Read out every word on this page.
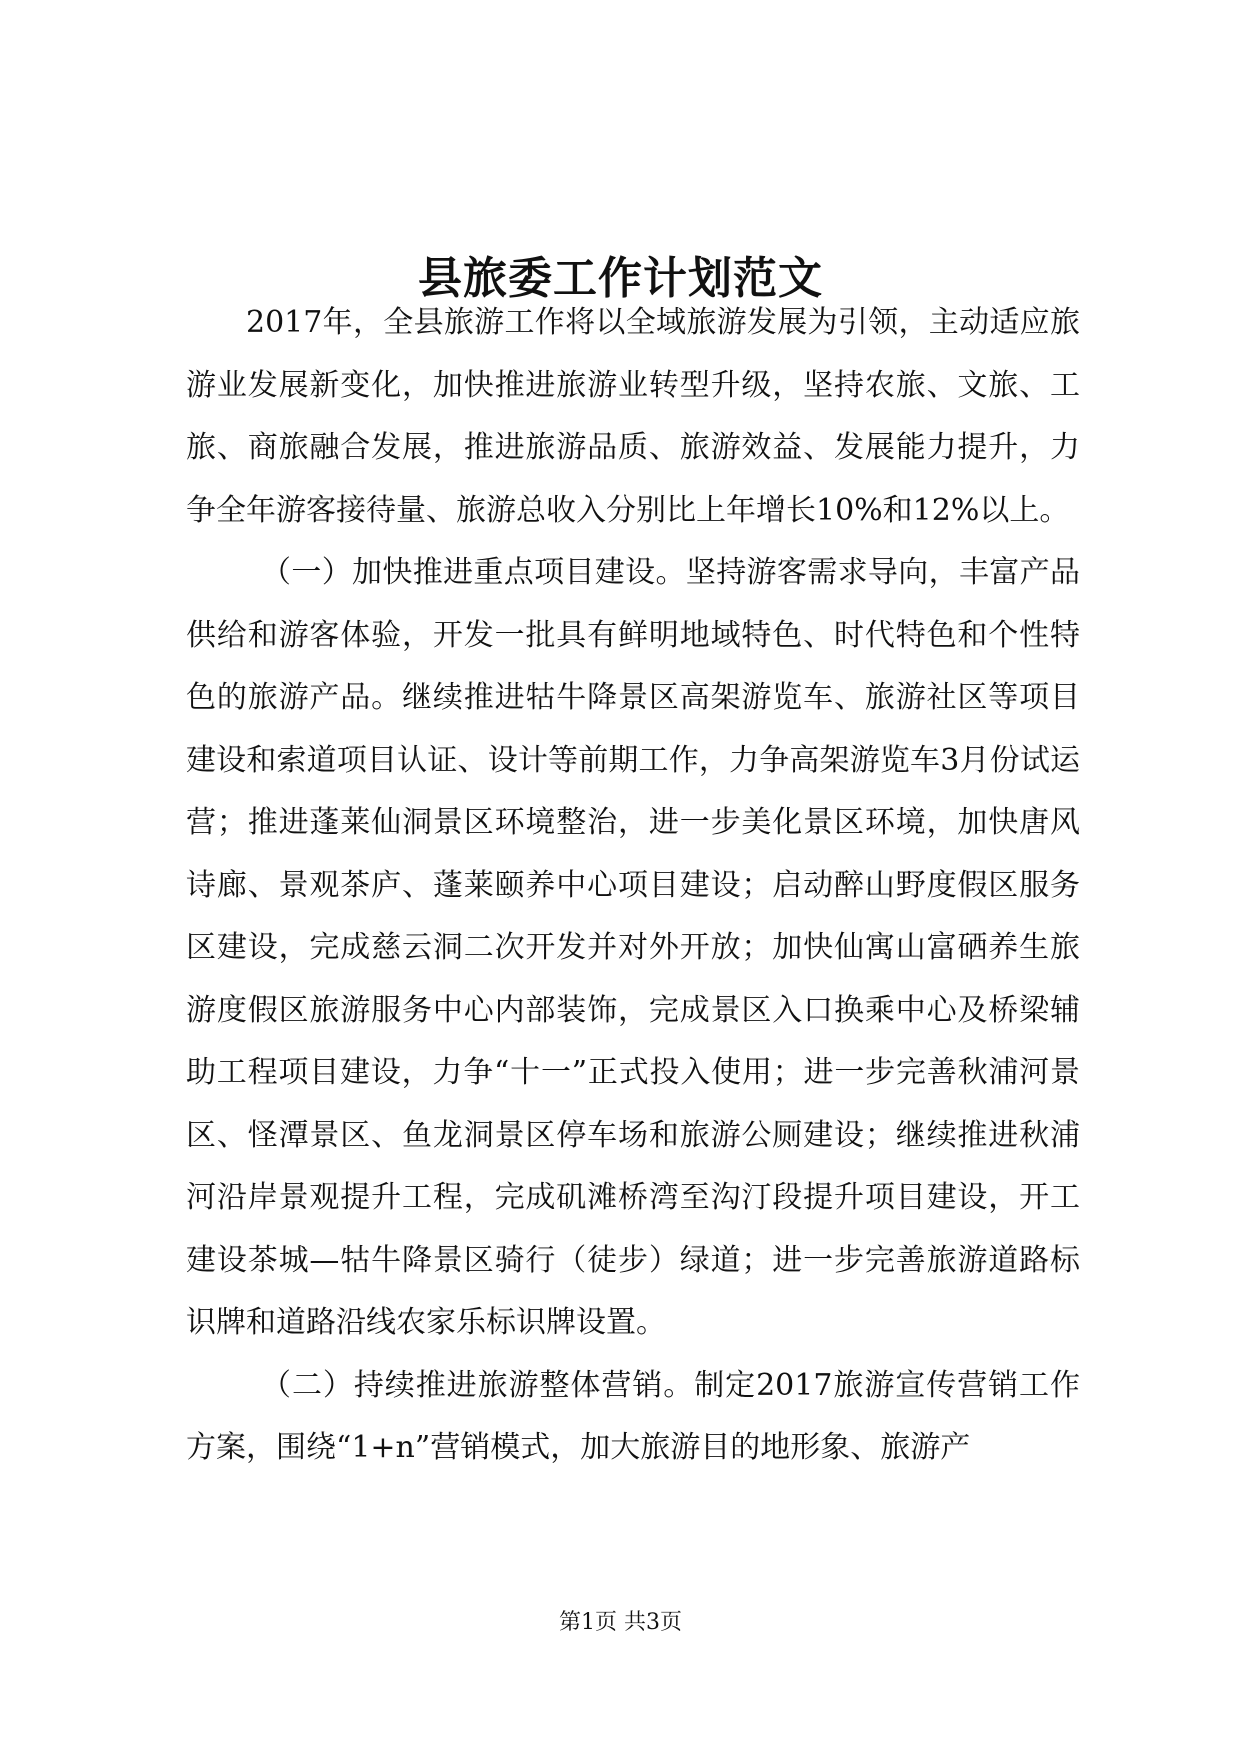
县旅委工作计划范文

2017年，全县旅游工作将以全域旅游发展为引领，主动适应旅游业发展新变化，加快推进旅游业转型升级，坚持农旅、文旅、工旅、商旅融合发展，推进旅游品质、旅游效益、发展能力提升，力争全年游客接待量、旅游总收入分别比上年增长10%和12%以上。

（一）加快推进重点项目建设。坚持游客需求导向，丰富产品供给和游客体验，开发一批具有鲜明地域特色、时代特色和个性特色的旅游产品。继续推进牯牛降景区高架游览车、旅游社区等项目建设和索道项目认证、设计等前期工作，力争高架游览车3月份试运营；推进蓬莱仙洞景区环境整治，进一步美化景区环境，加快唐风诗廊、景观茶庐、蓬莱颐养中心项目建设；启动醉山野度假区服务区建设，完成慈云洞二次开发并对外开放；加快仙寓山富硒养生旅游度假区旅游服务中心内部装饰，完成景区入口换乘中心及桥梁辅助工程项目建设，力争“十一”正式投入使用；进一步完善秋浦河景区、怪潭景区、鱼龙洞景区停车场和旅游公厕建设；继续推进秋浦河沿岸景观提升工程，完成矶滩桥湾至沟汀段提升项目建设，开工建设茶城—牯牛降景区骑行（徒步）绿道；进一步完善旅游道路标识牌和道路沿线农家乐标识牌设置。

（二）持续推进旅游整体营销。制定2017旅游宣传营销工作方案，围绕“1+n”营销模式，加大旅游目的地形象、旅游产

第1页 共3页
